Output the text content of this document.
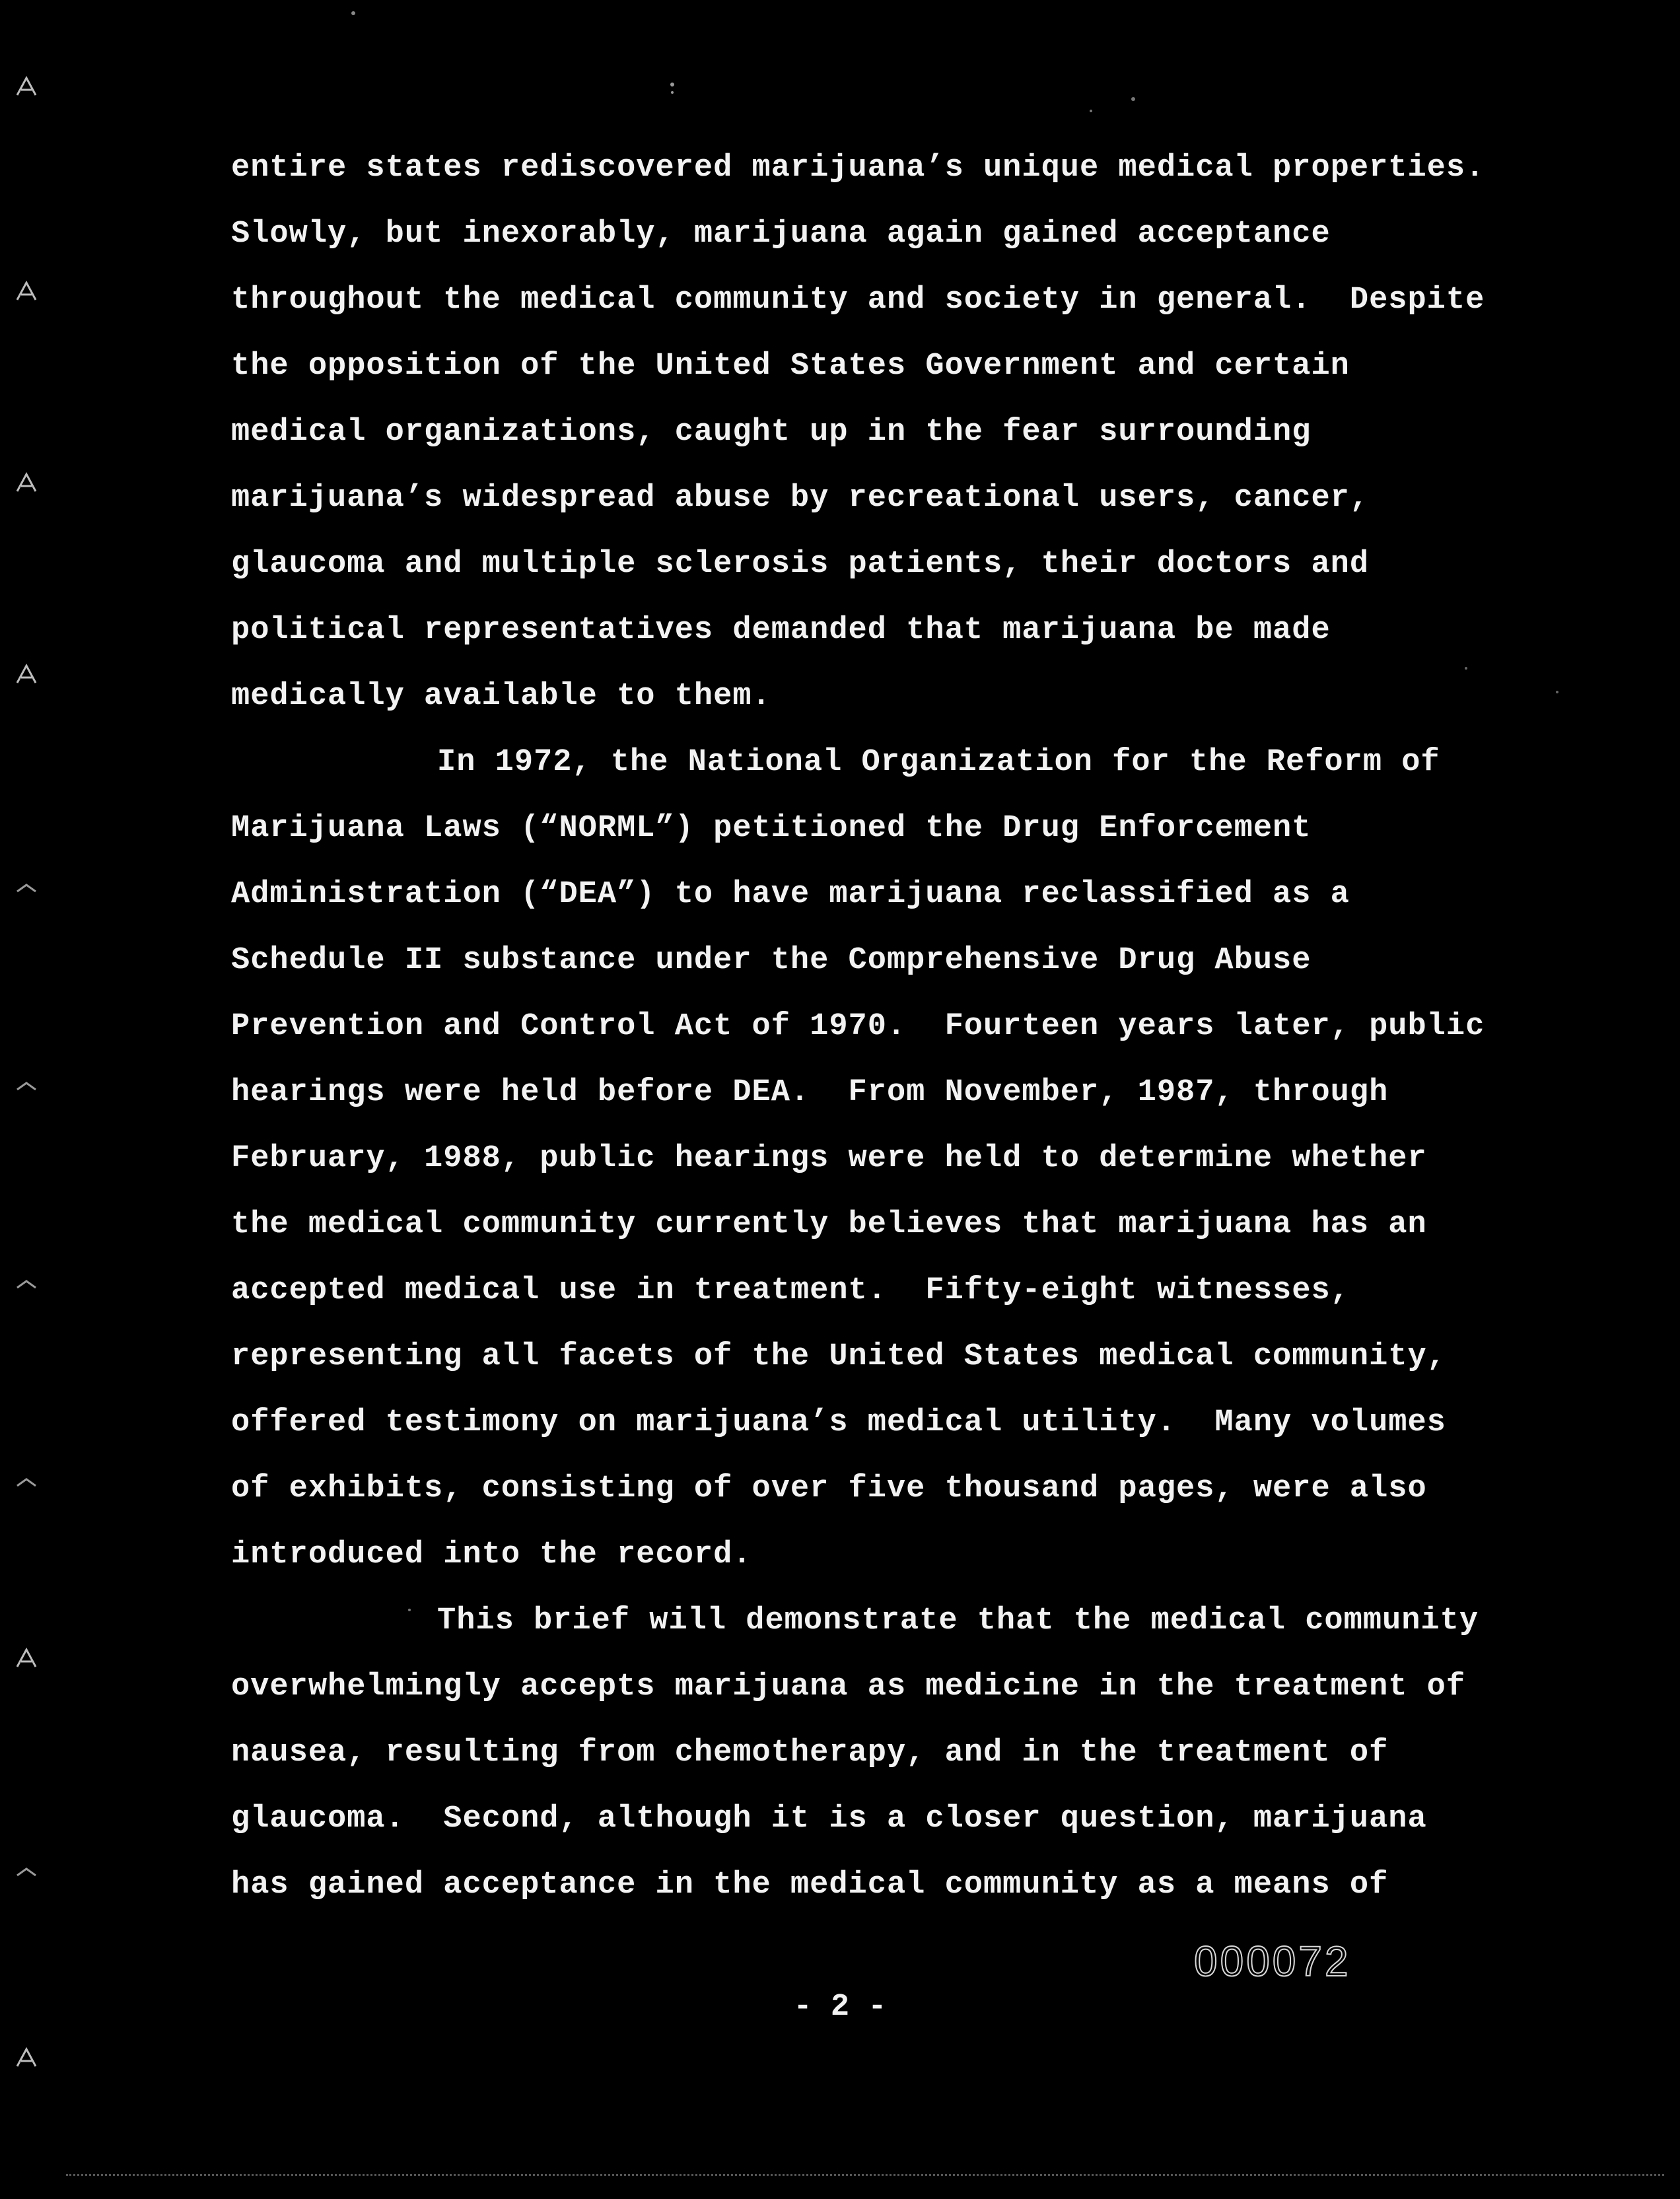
entire states rediscovered marijuana’s unique medical properties.
Slowly, but inexorably, marijuana again gained acceptance
throughout the medical community and society in general.  Despite
the opposition of the United States Government and certain
medical organizations, caught up in the fear surrounding
marijuana’s widespread abuse by recreational users, cancer,
glaucoma and multiple sclerosis patients, their doctors and
political representatives demanded that marijuana be made
medically available to them.
In 1972, the National Organization for the Reform of
Marijuana Laws (“NORML”) petitioned the Drug Enforcement
Administration (“DEA”) to have marijuana reclassified as a
Schedule II substance under the Comprehensive Drug Abuse
Prevention and Control Act of 1970.  Fourteen years later, public
hearings were held before DEA.  From November, 1987, through
February, 1988, public hearings were held to determine whether
the medical community currently believes that marijuana has an
accepted medical use in treatment.  Fifty-eight witnesses,
representing all facets of the United States medical community,
offered testimony on marijuana’s medical utility.  Many volumes
of exhibits, consisting of over five thousand pages, were also
introduced into the record.
This brief will demonstrate that the medical community
overwhelmingly accepts marijuana as medicine in the treatment of
nausea, resulting from chemotherapy, and in the treatment of
glaucoma.  Second, although it is a closer question, marijuana
has gained acceptance in the medical community as a means of
000072
- 2 -
